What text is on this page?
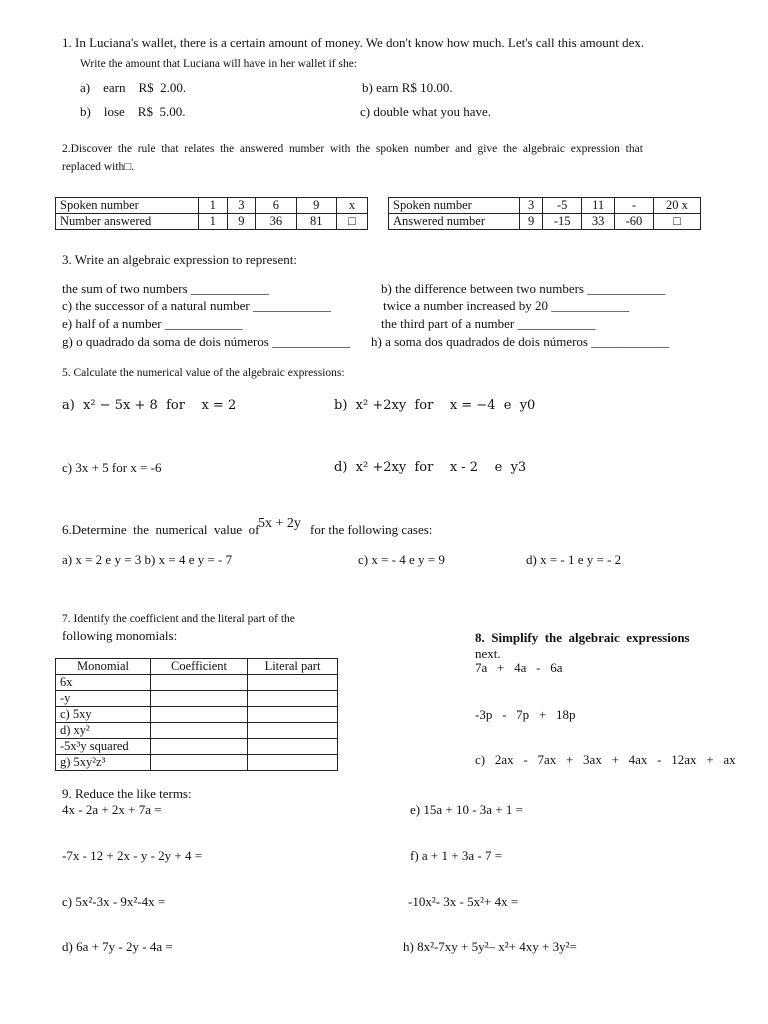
1. In Luciana's wallet, there is a certain amount of money. We don't know how much. Let's call this amount dex.
Write the amount that Luciana will have in her wallet if she:
a)    earn    R$  2.00.	b) earn R$ 10.00.
b)    lose    R$  5.00.	c) double what you have.
2.Discover  the  rule  that  relates  the  answered  number  with  the  spoken  number  and  give  the  algebraic  expression  that
replaced with□.
Spoken number	1	3	6	9	x
Number answered	1	9	36	81	□
Spoken number	3	-5	11	-	20 x
Answered number	9	-15	33	-60	□
3. Write an algebraic expression to represent:
the sum of two numbers ____________	b) the difference between two numbers ____________
c) the successor of a natural number ____________	twice a number increased by 20 ____________
e) half of a number ____________	the third part of a number ____________
g) o quadrado da soma de dois números ____________ h) a soma dos quadrados de dois números ____________
5. Calculate the numerical value of the algebraic expressions:
a)  x² − 5x + 8  for    x = 2	b)  x² +2xy  for    x = −4  e  y0
c) 3x + 5 for x = -6	d)  x² +2xy  for    x - 2    e  y3
6.Determine  the  numerical  value  of
5x + 2y for the following cases:
a) x = 2 e y = 3 b) x = 4 e y = - 7	c) x = - 4 e y = 9	d) x = - 1 e y = - 2
7. Identify the coefficient and the literal part of the
following monomials:
Monomial	Coefficient	Literal part
6x		
-y		
c) 5xy		
d) xy²		
-5x³y squared		
g) 5xy²z³		
8.  Simplify  the  algebraic  expressions
next.
7a   +   4a   -   6a
-3p   -   7p   +   18p
c)   2ax   -   7ax   +   3ax   +   4ax   -   12ax   +   ax
9. Reduce the like terms:
4x - 2a + 2x + 7a =	e) 15a + 10 - 3a + 1 =
-7x - 12 + 2x - y - 2y + 4 =	f) a + 1 + 3a - 7 =
c) 5x²-3x - 9x²-4x =	-10x²- 3x - 5x²+ 4x =
d) 6a + 7y - 2y - 4a =	h) 8x²-7xy + 5y²– x²+ 4xy + 3y²=
